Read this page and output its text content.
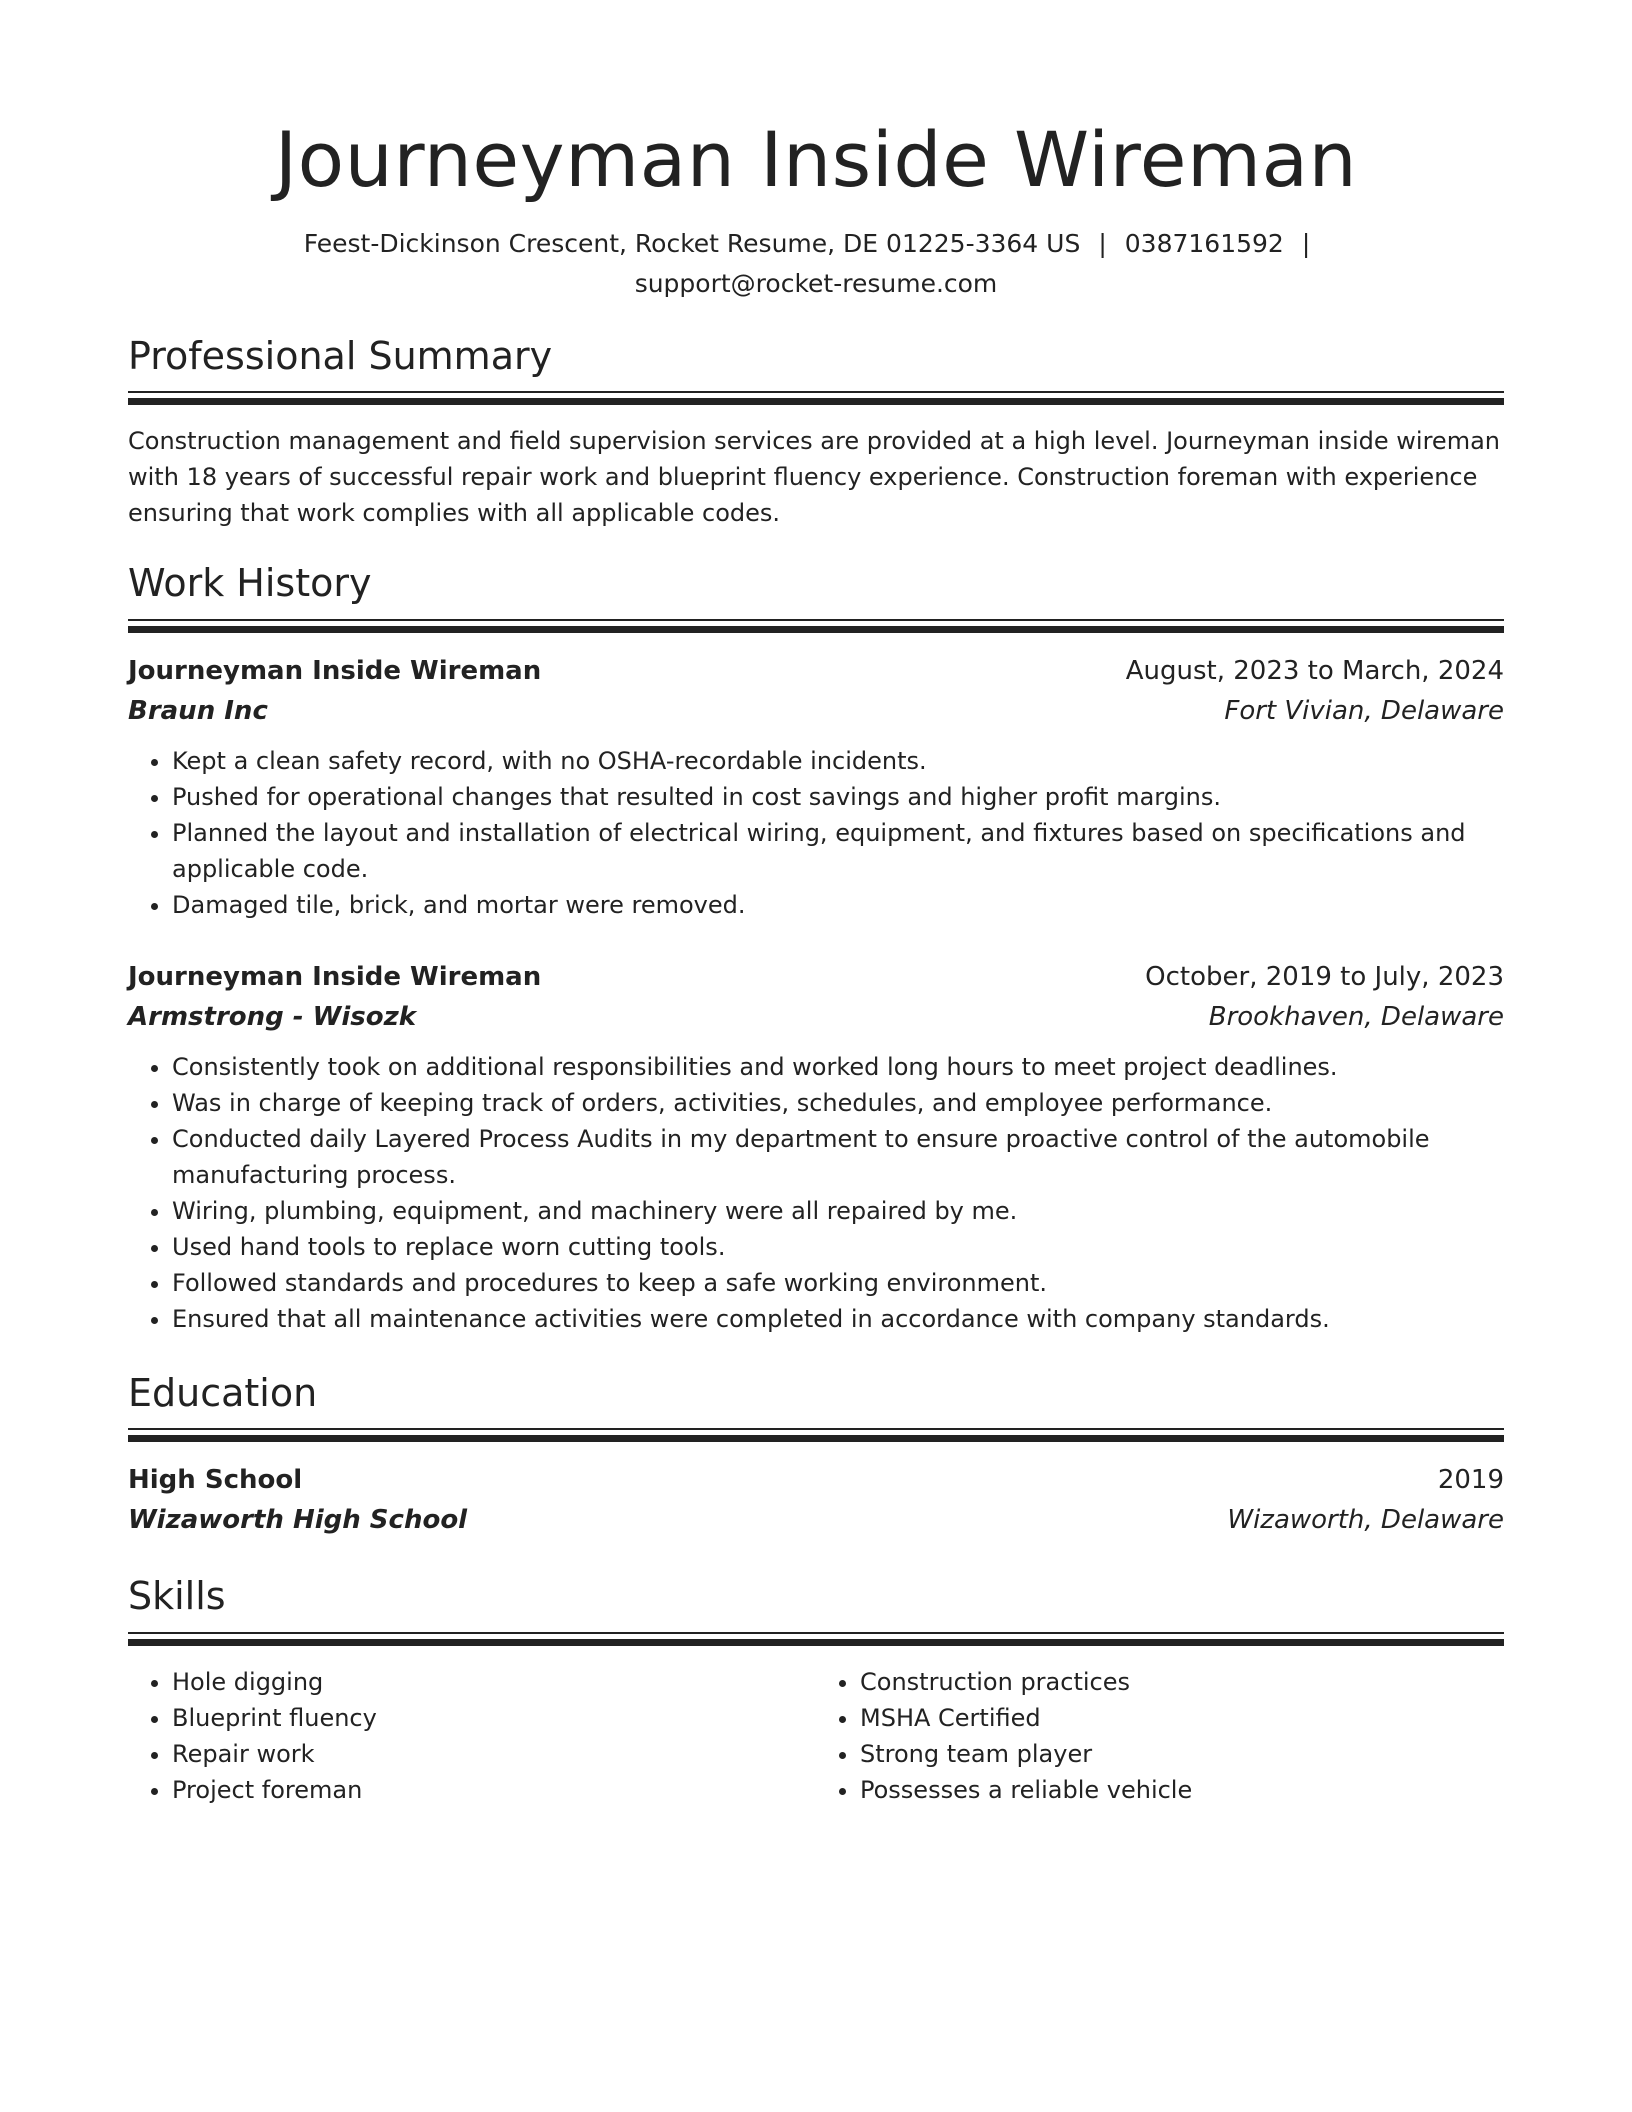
Journeyman Inside Wireman
Feest-Dickinson Crescent, Rocket Resume, DE 01225-3364 US | 0387161592 |
support@rocket-resume.com
Professional Summary

Construction management and field supervision services are provided at a high level. Journeyman inside wireman with 18 years of successful repair work and blueprint fluency experience. Construction foreman with experience ensuring that work complies with all applicable codes.

Work History
Journeyman Inside Wireman	August, 2023 to March, 2024
Braun Inc	Fort Vivian, Delaware
• Kept a clean safety record, with no OSHA-recordable incidents.
• Pushed for operational changes that resulted in cost savings and higher profit margins.
• Planned the layout and installation of electrical wiring, equipment, and fixtures based on specifications and applicable code.
• Damaged tile, brick, and mortar were removed.
Journeyman Inside Wireman	October, 2019 to July, 2023
Armstrong - Wisozk	Brookhaven, Delaware
• Consistently took on additional responsibilities and worked long hours to meet project deadlines.
• Was in charge of keeping track of orders, activities, schedules, and employee performance.
• Conducted daily Layered Process Audits in my department to ensure proactive control of the automobile manufacturing process.
• Wiring, plumbing, equipment, and machinery were all repaired by me.
• Used hand tools to replace worn cutting tools.
• Followed standards and procedures to keep a safe working environment.
• Ensured that all maintenance activities were completed in accordance with company standards.
Education
High School	2019
Wizaworth High School	Wizaworth, Delaware
Skills
• Hole digging
• Blueprint fluency
• Repair work
• Project foreman
• Construction practices
• MSHA Certified
• Strong team player
• Possesses a reliable vehicle
